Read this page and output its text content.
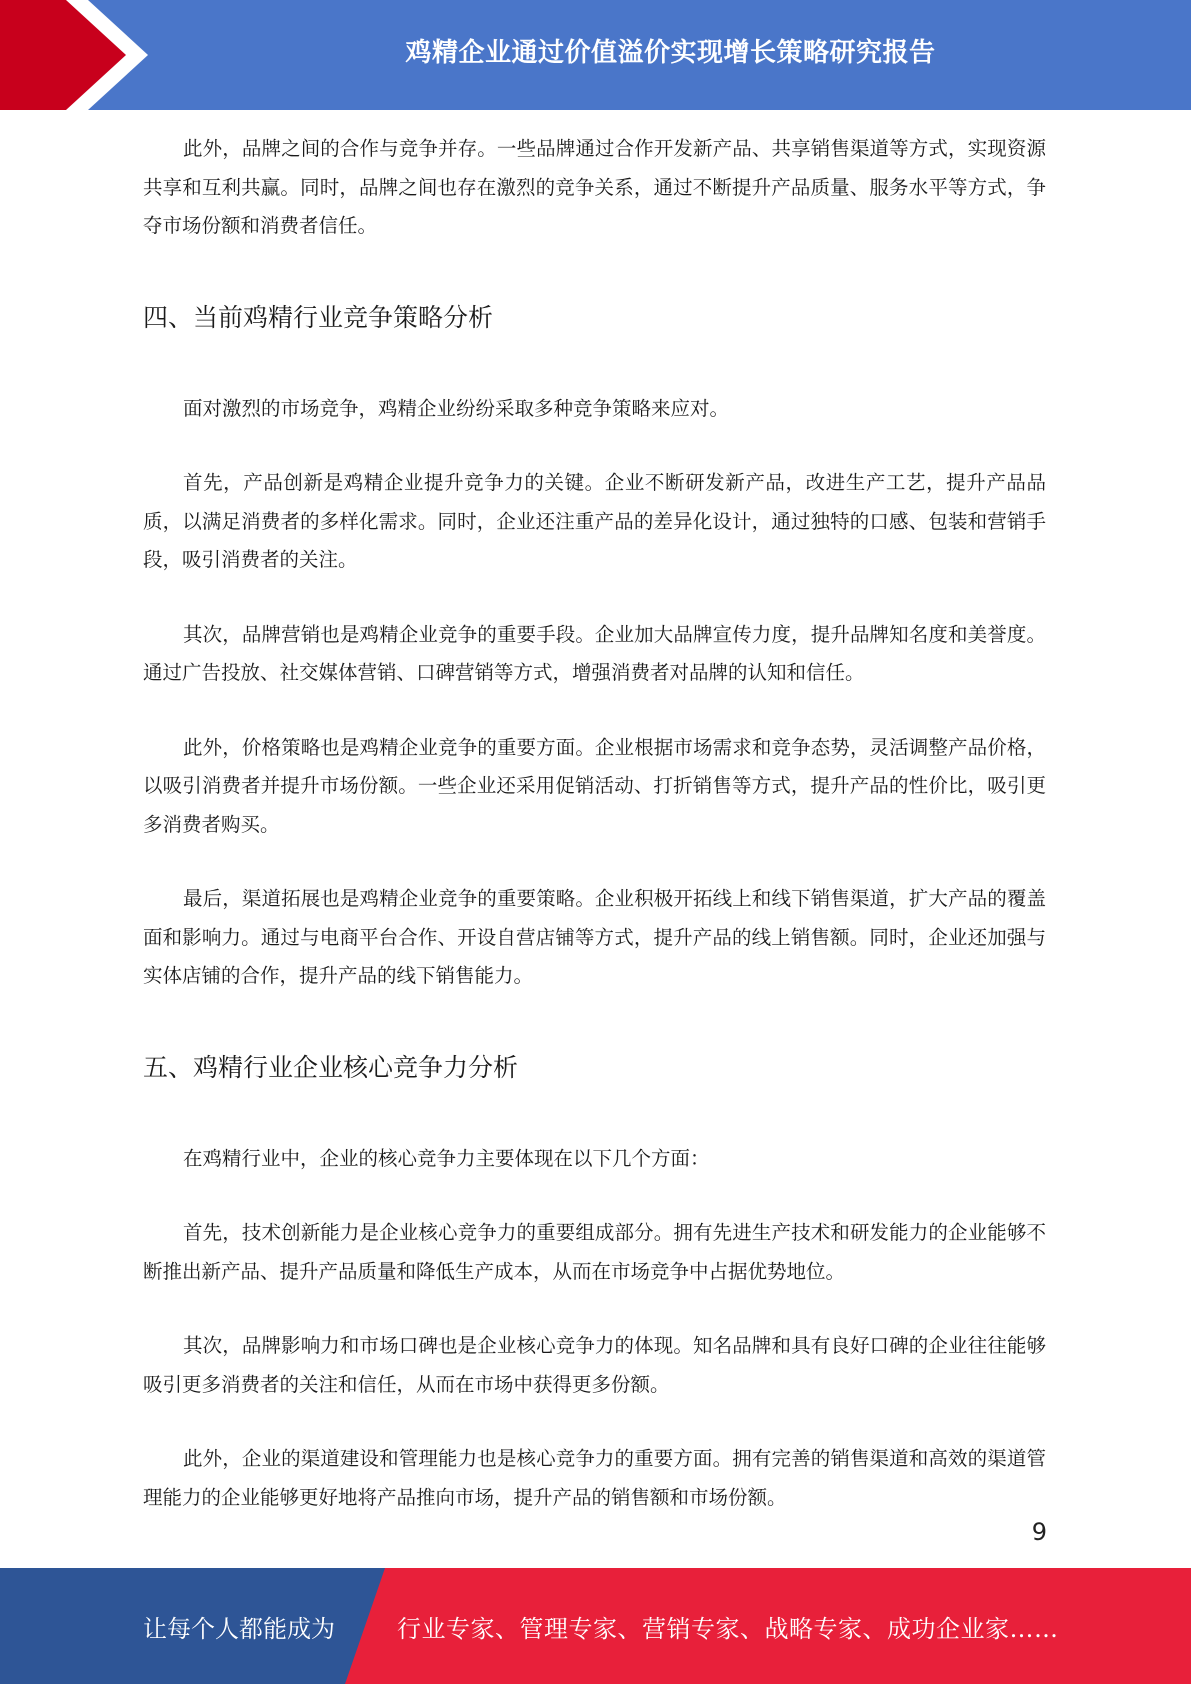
鸡精企业通过价值溢价实现增长策略研究报告

此外，品牌之间的合作与竞争并存。一些品牌通过合作开发新产品、共享销售渠道等方式，实现资源共享和互利共赢。同时，品牌之间也存在激烈的竞争关系，通过不断提升产品质量、服务水平等方式，争夺市场份额和消费者信任。

四、当前鸡精行业竞争策略分析

面对激烈的市场竞争，鸡精企业纷纷采取多种竞争策略来应对。

首先，产品创新是鸡精企业提升竞争力的关键。企业不断研发新产品，改进生产工艺，提升产品品质，以满足消费者的多样化需求。同时，企业还注重产品的差异化设计，通过独特的口感、包装和营销手段，吸引消费者的关注。

其次，品牌营销也是鸡精企业竞争的重要手段。企业加大品牌宣传力度，提升品牌知名度和美誉度。通过广告投放、社交媒体营销、口碑营销等方式，增强消费者对品牌的认知和信任。

此外，价格策略也是鸡精企业竞争的重要方面。企业根据市场需求和竞争态势，灵活调整产品价格，以吸引消费者并提升市场份额。一些企业还采用促销活动、打折销售等方式，提升产品的性价比，吸引更多消费者购买。

最后，渠道拓展也是鸡精企业竞争的重要策略。企业积极开拓线上和线下销售渠道，扩大产品的覆盖面和影响力。通过与电商平台合作、开设自营店铺等方式，提升产品的线上销售额。同时，企业还加强与实体店铺的合作，提升产品的线下销售能力。

五、鸡精行业企业核心竞争力分析

在鸡精行业中，企业的核心竞争力主要体现在以下几个方面：

首先，技术创新能力是企业核心竞争力的重要组成部分。拥有先进生产技术和研发能力的企业能够不断推出新产品、提升产品质量和降低生产成本，从而在市场竞争中占据优势地位。

其次，品牌影响力和市场口碑也是企业核心竞争力的体现。知名品牌和具有良好口碑的企业往往能够吸引更多消费者的关注和信任，从而在市场中获得更多份额。

此外，企业的渠道建设和管理能力也是核心竞争力的重要方面。拥有完善的销售渠道和高效的渠道管理能力的企业能够更好地将产品推向市场，提升产品的销售额和市场份额。

9
让每个人都能成为	行业专家、管理专家、营销专家、战略专家、成功企业家……
